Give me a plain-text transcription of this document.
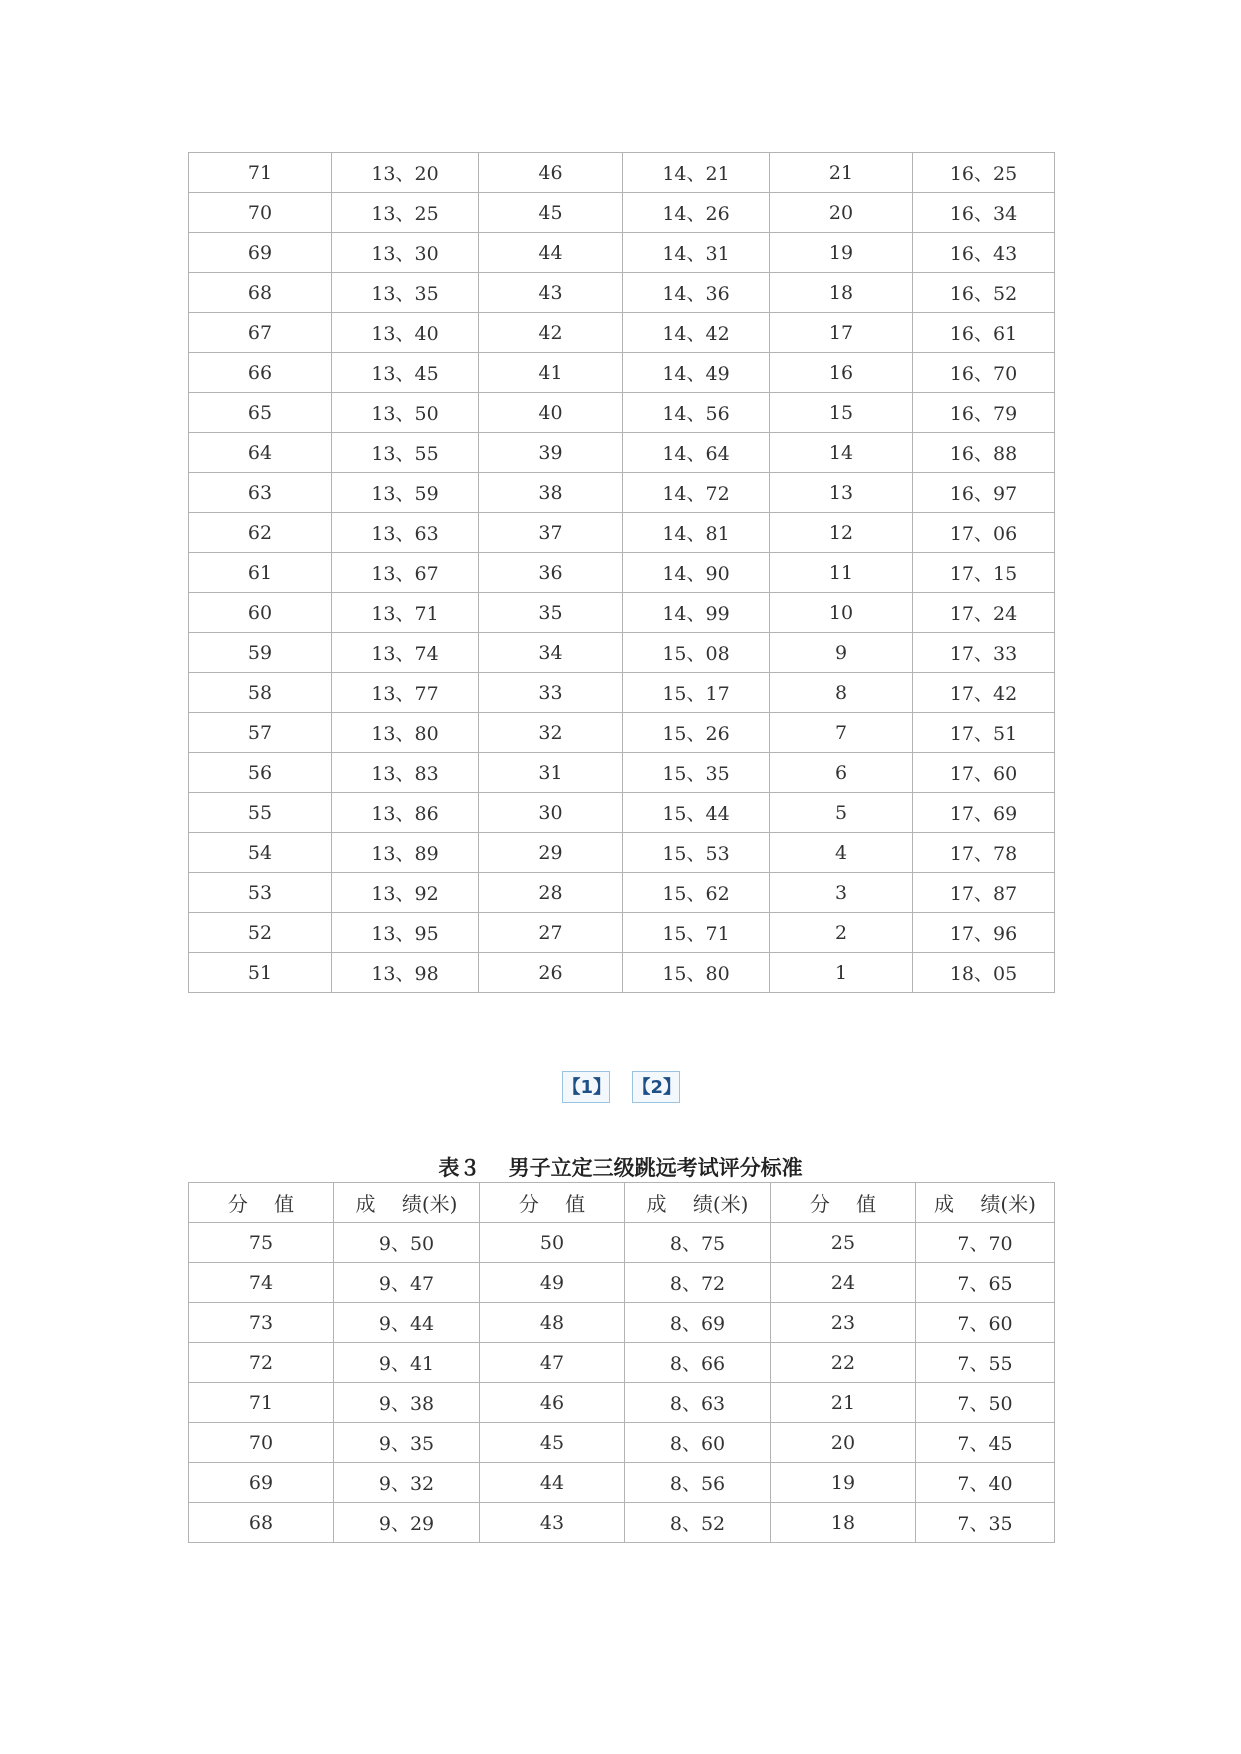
71	13、20	46	14、21	21	16、25
70	13、25	45	14、26	20	16、34
69	13、30	44	14、31	19	16、43
68	13、35	43	14、36	18	16、52
67	13、40	42	14、42	17	16、61
66	13、45	41	14、49	16	16、70
65	13、50	40	14、56	15	16、79
64	13、55	39	14、64	14	16、88
63	13、59	38	14、72	13	16、97
62	13、63	37	14、81	12	17、06
61	13、67	36	14、90	11	17、15
60	13、71	35	14、99	10	17、24
59	13、74	34	15、08	9	17、33
58	13、77	33	15、17	8	17、42
57	13、80	32	15、26	7	17、51
56	13、83	31	15、35	6	17、60
55	13、86	30	15、44	5	17、69
54	13、89	29	15、53	4	17、78
53	13、92	28	15、62	3	17、87
52	13、95	27	15、71	2	17、96
51	13、98	26	15、80	1	18、05
【1】 【2】
表３　 男子立定三级跳远考试评分标准
分　 值	成　 绩(米)	分　 值	成　 绩(米)	分　 值	成　 绩(米)
75	9、50	50	8、75	25	7、70
74	9、47	49	8、72	24	7、65
73	9、44	48	8、69	23	7、60
72	9、41	47	8、66	22	7、55
71	9、38	46	8、63	21	7、50
70	9、35	45	8、60	20	7、45
69	9、32	44	8、56	19	7、40
68	9、29	43	8、52	18	7、35
